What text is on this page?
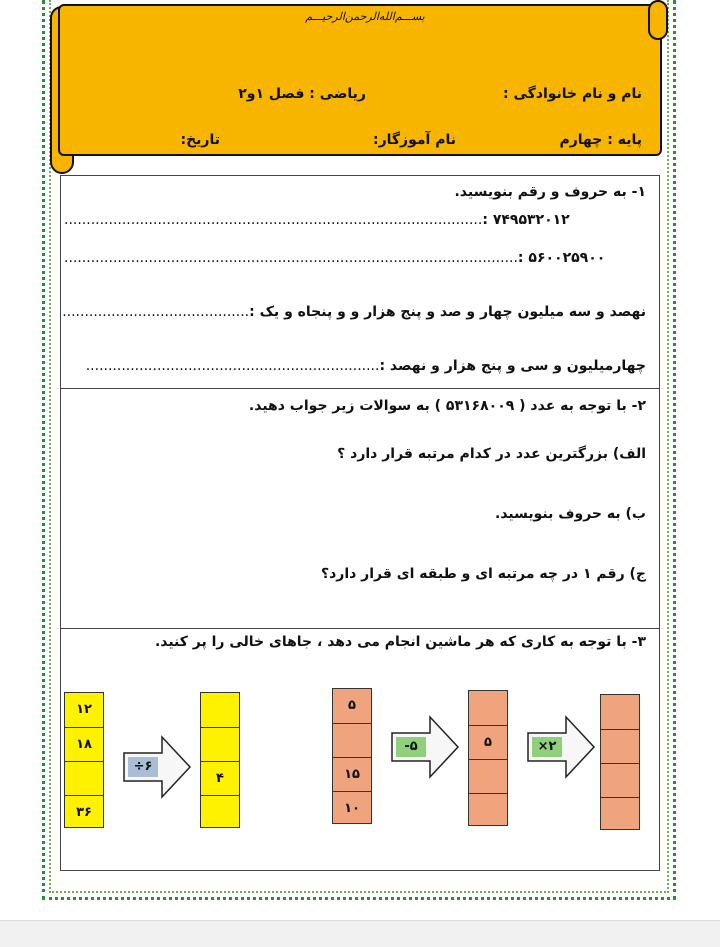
بســـم‌الله‌الرحمن‌الرحیـــم
نام و نام خانوادگی :
ریاضی : فصل ۱و۲
پایه : چهارم
نام آموزگار:
تاریخ:
۱- به حروف و رقم بنویسید.
۷۴۹۵۳۲۰۱۲ :..............................................................................................
۵۶۰۰۲۵۹۰۰ :......................................................................................................
نهصد و سه میلیون چهار و صد و پنج هزار و و پنجاه و یک :..........................................
چهارمیلیون و سی و پنج هزار و نهصد :..................................................................
۲- با توجه به عدد ( ۵۳۱۶۸۰۰۹ ) به سوالات زیر جواب دهید.
الف) بزرگترین عدد در کدام مرتبه قرار دارد ؟
ب) به حروف بنویسید.
ج) رقم ۱ در چه مرتبه ای و طبقه ای قرار دارد؟
۳- با توجه به کاری که هر ماشین انجام می دهد ، جاهای خالی را پر کنید.
۱۲
۱۸
۳۶
÷۶
۴
۵
۱۵
۱۰
-۵	۵	×۲
